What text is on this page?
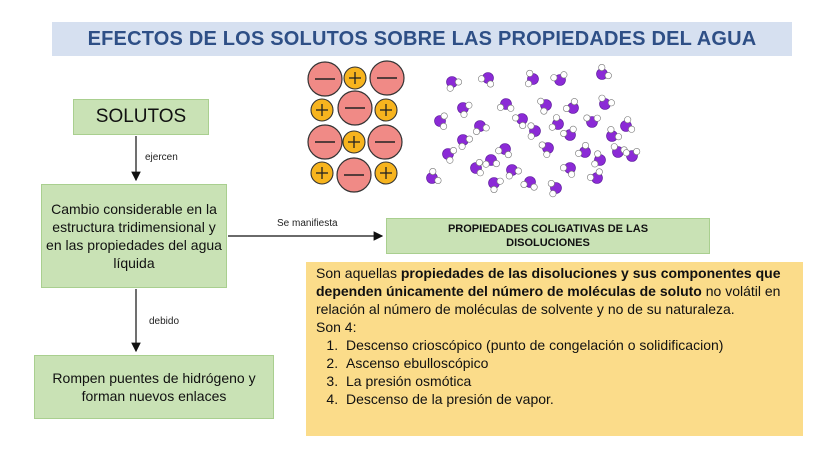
EFECTOS DE LOS SOLUTOS SOBRE LAS PROPIEDADES DEL AGUA
ejercen
debido
Se manifiesta
SOLUTOS
Cambio considerable en la estructura tridimensional y en las propiedades del agua líquida
Rompen puentes de hidrógeno y forman nuevos enlaces
PROPIEDADES COLIGATIVAS DE LAS DISOLUCIONES

Son aquellas propiedades de las disoluciones y sus componentes que dependen únicamente del número de moléculas de soluto no volátil en relación al número de moléculas de solvente y no de su naturaleza.

Son 4:

1. Descenso crioscópico (punto de congelación o solidificacion)
2. Ascenso ebulloscópico
3. La presión osmótica
4. Descenso de la presión de vapor.
